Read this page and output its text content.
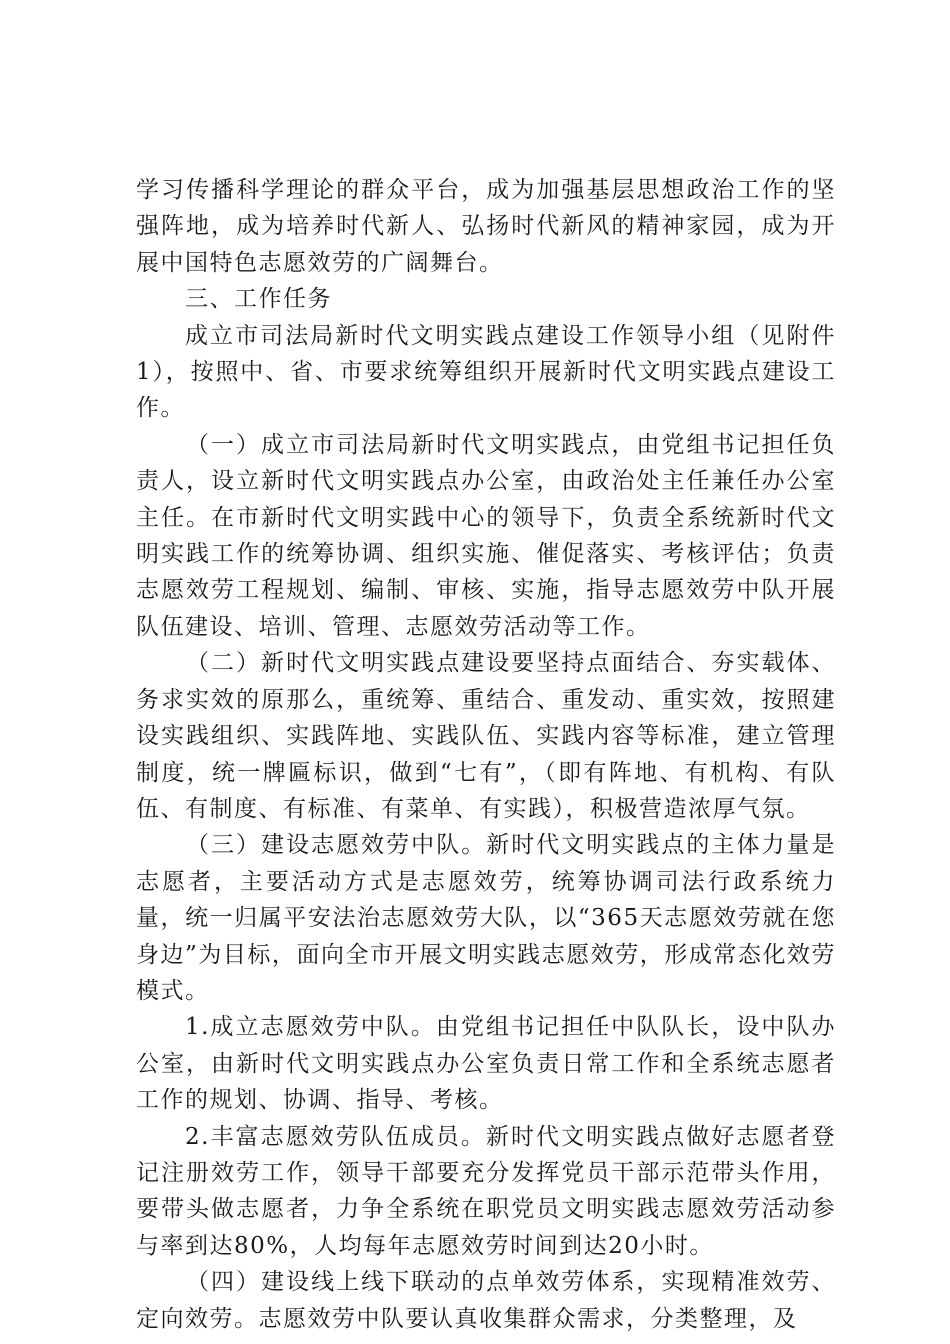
学习传播科学理论的群众平台，成为加强基层思想政治工作的坚强阵地，成为培养时代新人、弘扬时代新风的精神家园，成为开展中国特色志愿效劳的广阔舞台。

三、工作任务

成立市司法局新时代文明实践点建设工作领导小组（见附件1），按照中、省、市要求统筹组织开展新时代文明实践点建设工作。

（一）成立市司法局新时代文明实践点，由党组书记担任负责人，设立新时代文明实践点办公室，由政治处主任兼任办公室主任。在市新时代文明实践中心的领导下，负责全系统新时代文明实践工作的统筹协调、组织实施、催促落实、考核评估；负责志愿效劳工程规划、编制、审核、实施，指导志愿效劳中队开展队伍建设、培训、管理、志愿效劳活动等工作。

（二）新时代文明实践点建设要坚持点面结合、夯实载体、务求实效的原那么，重统筹、重结合、重发动、重实效，按照建设实践组织、实践阵地、实践队伍、实践内容等标准，建立管理制度，统一牌匾标识，做到“七有”，（即有阵地、有机构、有队伍、有制度、有标准、有菜单、有实践），积极营造浓厚气氛。

（三）建设志愿效劳中队。新时代文明实践点的主体力量是志愿者，主要活动方式是志愿效劳，统筹协调司法行政系统力量，统一归属平安法治志愿效劳大队，以“365天志愿效劳就在您身边”为目标，面向全市开展文明实践志愿效劳，形成常态化效劳模式。

1.成立志愿效劳中队。由党组书记担任中队队长，设中队办公室，由新时代文明实践点办公室负责日常工作和全系统志愿者工作的规划、协调、指导、考核。

2.丰富志愿效劳队伍成员。新时代文明实践点做好志愿者登记注册效劳工作，领导干部要充分发挥党员干部示范带头作用，要带头做志愿者，力争全系统在职党员文明实践志愿效劳活动参与率到达80%，人均每年志愿效劳时间到达20小时。

（四）建设线上线下联动的点单效劳体系，实现精准效劳、定向效劳。志愿效劳中队要认真收集群众需求，分类整理，及
